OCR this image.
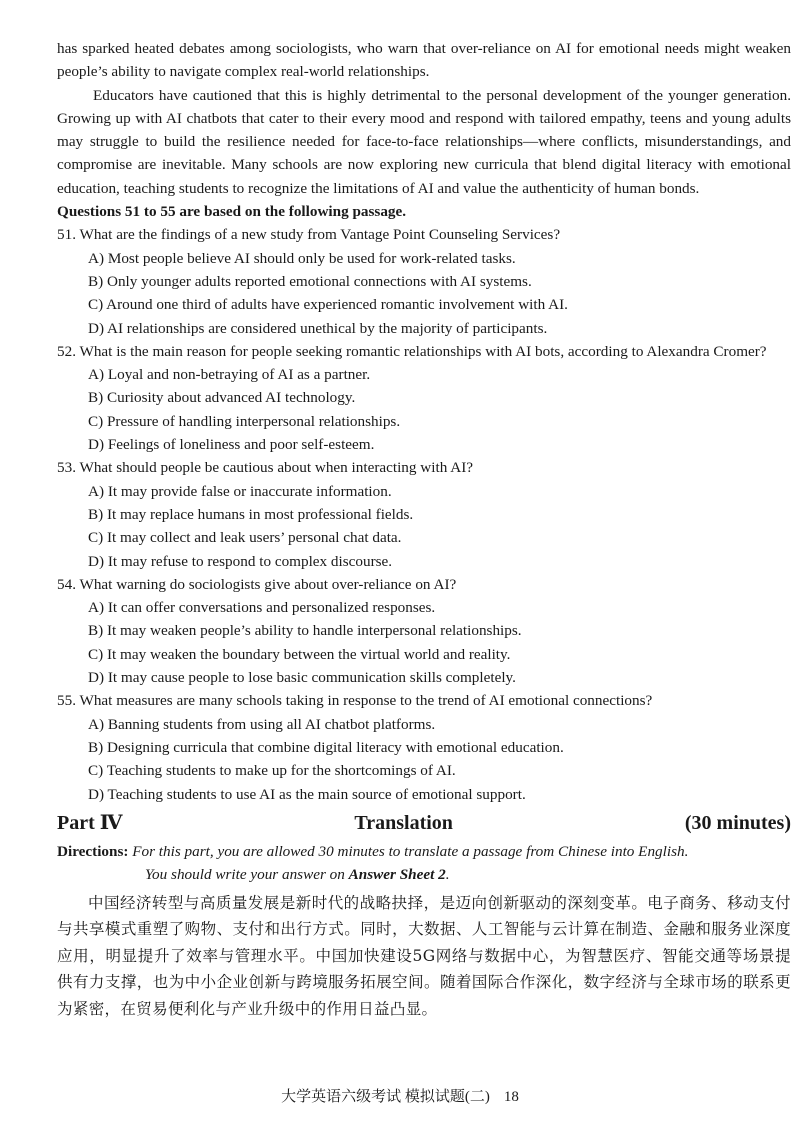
has sparked heated debates among sociologists, who warn that over-reliance on AI for emotional needs might weaken people’s ability to navigate complex real-world relationships.

Educators have cautioned that this is highly detrimental to the personal development of the younger generation. Growing up with AI chatbots that cater to their every mood and respond with tailored empathy, teens and young adults may struggle to build the resilience needed for face-to-face relationships—where conflicts, misunderstandings, and compromise are inevitable. Many schools are now exploring new curricula that blend digital literacy with emotional education, teaching students to recognize the limitations of AI and value the authenticity of human bonds.

Questions 51 to 55 are based on the following passage.

51. What are the findings of a new study from Vantage Point Counseling Services?
A) Most people believe AI should only be used for work-related tasks.
B) Only younger adults reported emotional connections with AI systems.
C) Around one third of adults have experienced romantic involvement with AI.
D) AI relationships are considered unethical by the majority of participants.
52. What is the main reason for people seeking romantic relationships with AI bots, according to Alexandra Cromer?
A) Loyal and non-betraying of AI as a partner.
B) Curiosity about advanced AI technology.
C) Pressure of handling interpersonal relationships.
D) Feelings of loneliness and poor self-esteem.
53. What should people be cautious about when interacting with AI?
A) It may provide false or inaccurate information.
B) It may replace humans in most professional fields.
C) It may collect and leak users’ personal chat data.
D) It may refuse to respond to complex discourse.
54. What warning do sociologists give about over-reliance on AI?
A) It can offer conversations and personalized responses.
B) It may weaken people’s ability to handle interpersonal relationships.
C) It may weaken the boundary between the virtual world and reality.
D) It may cause people to lose basic communication skills completely.
55. What measures are many schools taking in response to the trend of AI emotional connections?
A) Banning students from using all AI chatbot platforms.
B) Designing curricula that combine digital literacy with emotional education.
C) Teaching students to make up for the shortcomings of AI.
D) Teaching students to use AI as the main source of emotional support.
Part Ⅳ	Translation	(30 minutes)

Directions: For this part, you are allowed 30 minutes to translate a passage from Chinese into English.

You should write your answer on Answer Sheet 2.

中国经济转型与高质量发展是新时代的战略抉择，是迈向创新驱动的深刻变革。电子商务、移动支付与共享模式重塑了购物、支付和出行方式。同时，大数据、人工智能与云计算在制造、金融和服务业深度应用，明显提升了效率与管理水平。中国加快建设5G网络与数据中心，为智慧医疗、智能交通等场景提供有力支撑，也为中小企业创新与跨境服务拓展空间。随着国际合作深化，数字经济与全球市场的联系更为紧密，在贸易便利化与产业升级中的作用日益凸显。

大学英语六级考试 模拟试题(二) 18
